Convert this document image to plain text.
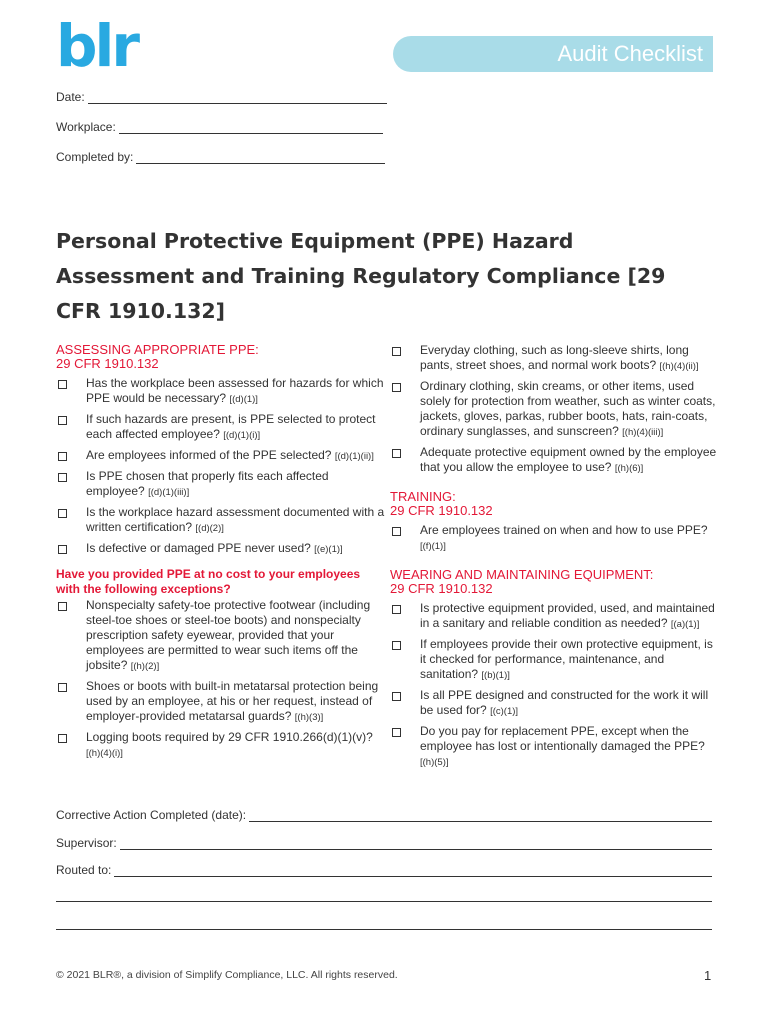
blr	Audit Checklist
Date:
Workplace:
Completed by:
Personal Protective Equipment (PPE) Hazard Assessment and Training Regulatory Compliance [29 CFR 1910.132]
ASSESSING APPROPRIATE PPE:
29 CFR 1910.132
Has the workplace been assessed for hazards for which PPE would be necessary? [(d)(1)]
If such hazards are present, is PPE selected to protect each affected employee? [(d)(1)(i)]
Are employees informed of the PPE selected? [(d)(1)(ii)]
Is PPE chosen that properly fits each affected employee? [(d)(1)(iii)]
Is the workplace hazard assessment documented with a written certification? [(d)(2)]
Is defective or damaged PPE never used? [(e)(1)]
Have you provided PPE at no cost to your employees with the following exceptions?
Nonspecialty safety-toe protective footwear (including steel-toe shoes or steel-toe boots) and nonspecialty prescription safety eyewear, provided that your employees are permitted to wear such items off the jobsite? [(h)(2)]
Shoes or boots with built-in metatarsal protection being used by an employee, at his or her request, instead of employer-provided metatarsal guards? [(h)(3)]
Logging boots required by 29 CFR 1910.266(d)(1)(v)? [(h)(4)(i)]
Everyday clothing, such as long-sleeve shirts, long pants, street shoes, and normal work boots? [(h)(4)(ii)]
Ordinary clothing, skin creams, or other items, used solely for protection from weather, such as winter coats, jackets, gloves, parkas, rubber boots, hats, rain-coats, ordinary sunglasses, and sunscreen? [(h)(4)(iii)]
Adequate protective equipment owned by the employee that you allow the employee to use? [(h)(6)]
TRAINING:
29 CFR 1910.132
Are employees trained on when and how to use PPE? [(f)(1)]
WEARING AND MAINTAINING EQUIPMENT:
29 CFR 1910.132
Is protective equipment provided, used, and maintained in a sanitary and reliable condition as needed? [(a)(1)]
If employees provide their own protective equipment, is it checked for performance, maintenance, and sanitation? [(b)(1)]
Is all PPE designed and constructed for the work it will be used for? [(c)(1)]
Do you pay for replacement PPE, except when the employee has lost or intentionally damaged the PPE? [(h)(5)]
Corrective Action Completed (date):
Supervisor:
Routed to:
© 2021 BLR®, a division of Simplify Compliance, LLC. All rights reserved.	1
